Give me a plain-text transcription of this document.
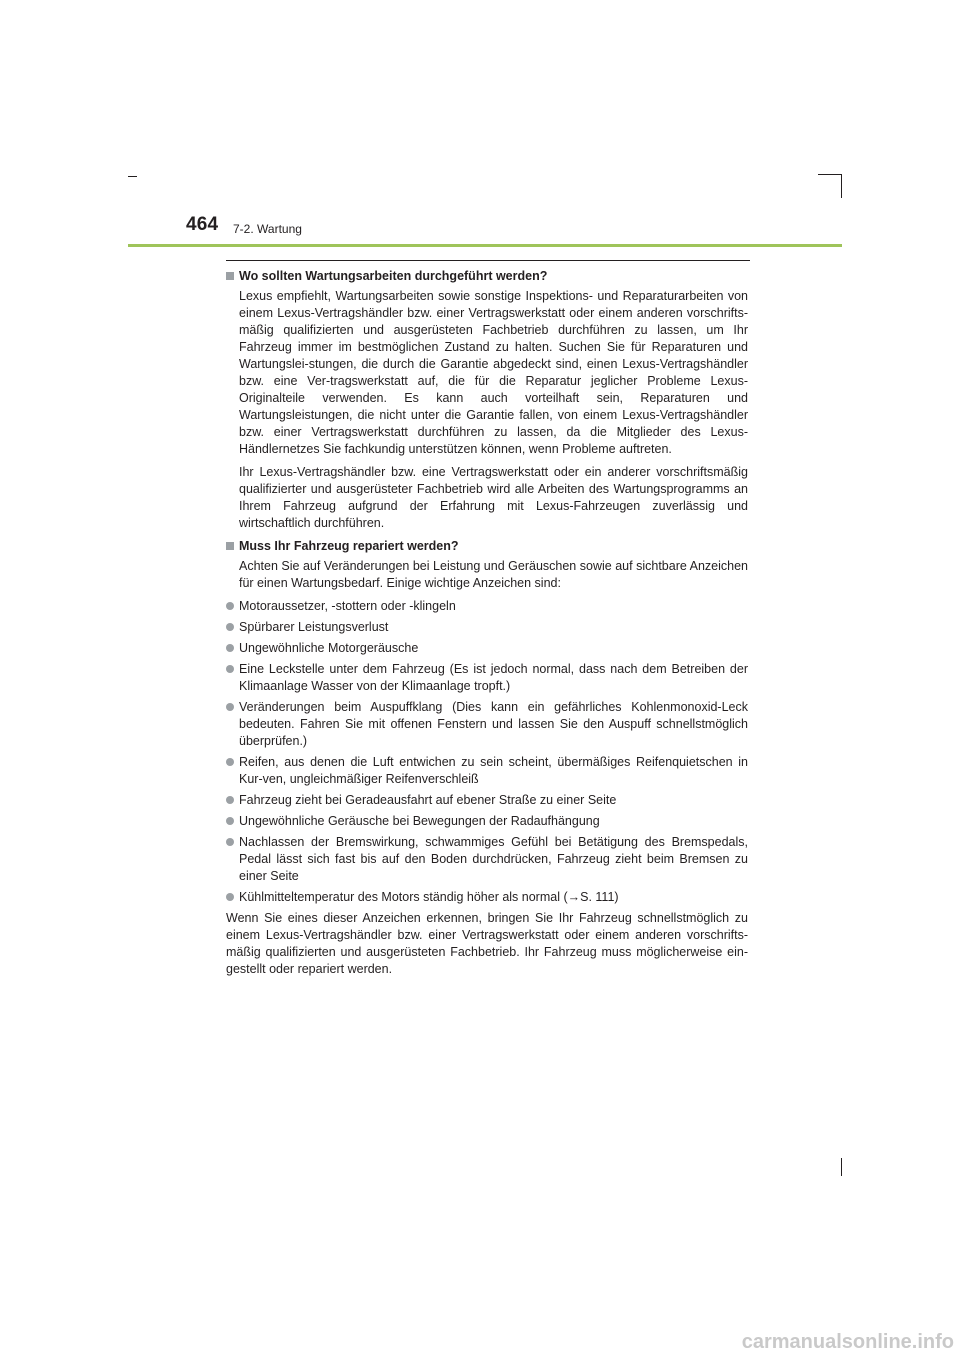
464 7-2. Wartung
Wo sollten Wartungsarbeiten durchgeführt werden?

Lexus empfiehlt, Wartungsarbeiten sowie sonstige Inspektions- und Reparaturarbeiten von einem Lexus-Vertragshändler bzw. einer Vertragswerkstatt oder einem anderen vorschrifts-mäßig qualifizierten und ausgerüsteten Fachbetrieb durchführen zu lassen, um Ihr Fahrzeug immer im bestmöglichen Zustand zu halten. Suchen Sie für Reparaturen und Wartungslei-stungen, die durch die Garantie abgedeckt sind, einen Lexus-Vertragshändler bzw. eine Ver-tragswerkstatt auf, die für die Reparatur jeglicher Probleme Lexus-Originalteile verwenden. Es kann auch vorteilhaft sein, Reparaturen und Wartungsleistungen, die nicht unter die Garantie fallen, von einem Lexus-Vertragshändler bzw. einer Vertragswerkstatt durchführen zu lassen, da die Mitglieder des Lexus-Händlernetzes Sie fachkundig unterstützen können, wenn Probleme auftreten.

Ihr Lexus-Vertragshändler bzw. eine Vertragswerkstatt oder ein anderer vorschriftsmäßig qualifizierter und ausgerüsteter Fachbetrieb wird alle Arbeiten des Wartungsprogramms an Ihrem Fahrzeug aufgrund der Erfahrung mit Lexus-Fahrzeugen zuverlässig und wirtschaftlich durchführen.

Muss Ihr Fahrzeug repariert werden?

Achten Sie auf Veränderungen bei Leistung und Geräuschen sowie auf sichtbare Anzeichen für einen Wartungsbedarf. Einige wichtige Anzeichen sind:

Motoraussetzer, -stottern oder -klingeln
Spürbarer Leistungsverlust
Ungewöhnliche Motorgeräusche
Eine Leckstelle unter dem Fahrzeug (Es ist jedoch normal, dass nach dem Betreiben der Klimaanlage Wasser von der Klimaanlage tropft.)
Veränderungen beim Auspuffklang (Dies kann ein gefährliches Kohlenmonoxid-Leck bedeuten. Fahren Sie mit offenen Fenstern und lassen Sie den Auspuff schnellstmöglich überprüfen.)
Reifen, aus denen die Luft entwichen zu sein scheint, übermäßiges Reifenquietschen in Kur-ven, ungleichmäßiger Reifenverschleiß
Fahrzeug zieht bei Geradeausfahrt auf ebener Straße zu einer Seite
Ungewöhnliche Geräusche bei Bewegungen der Radaufhängung
Nachlassen der Bremswirkung, schwammiges Gefühl bei Betätigung des Bremspedals, Pedal lässt sich fast bis auf den Boden durchdrücken, Fahrzeug zieht beim Bremsen zu einer Seite
Kühlmitteltemperatur des Motors ständig höher als normal (→S. 111)

Wenn Sie eines dieser Anzeichen erkennen, bringen Sie Ihr Fahrzeug schnellstmöglich zu einem Lexus-Vertragshändler bzw. einer Vertragswerkstatt oder einem anderen vorschrifts-mäßig qualifizierten und ausgerüsteten Fachbetrieb. Ihr Fahrzeug muss möglicherweise ein-gestellt oder repariert werden.

carmanualsonline.info
